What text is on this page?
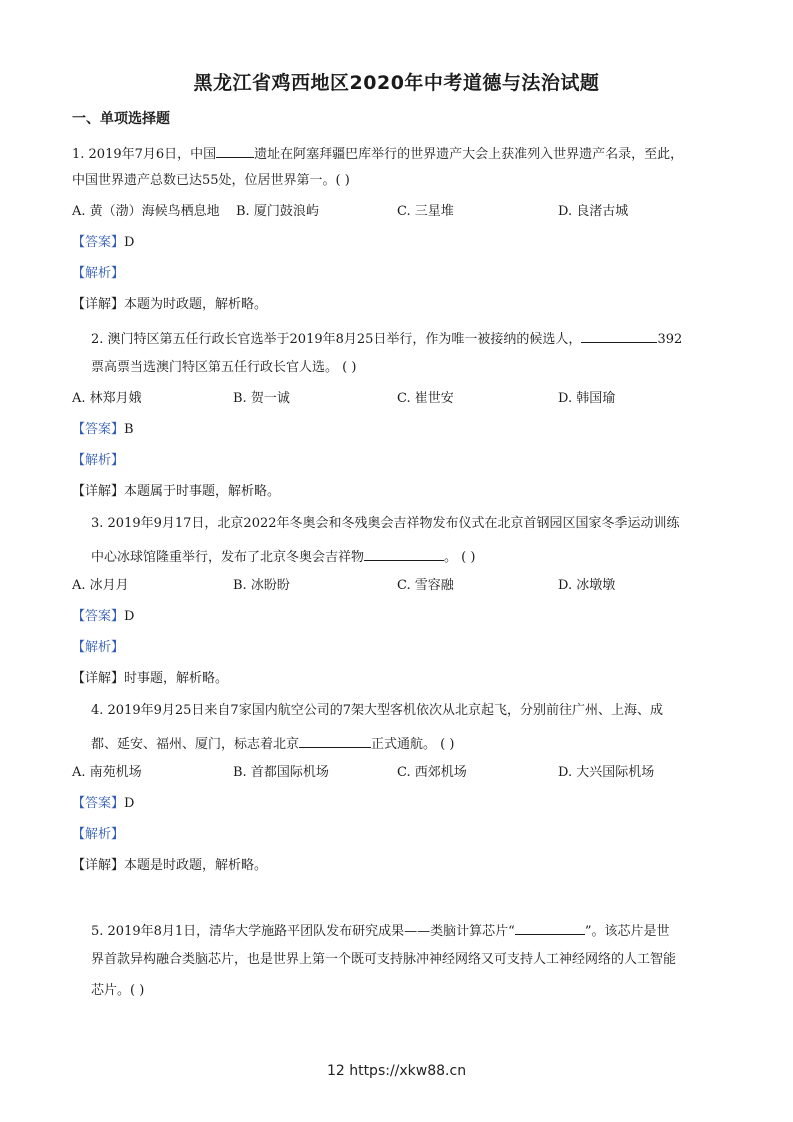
黑龙江省鸡西地区2020年中考道德与法治试题
一、单项选择题
1. 2019年7月6日，中国	遗址在阿塞拜疆巴库举行的世界遗产大会上获准列入世界遗产名录，至此，
中国世界遗产总数已达55处，位居世界第一。( )
A. 黄（渤）海候鸟栖息地 B. 厦门鼓浪屿	C. 三星堆	D. 良渚古城
【答案】D
【解析】
【详解】本题为时政题，解析略。
2. 澳门特区第五任行政长官选举于2019年8月25日举行，作为唯一被接纳的候选人，	392
票高票当选澳门特区第五任行政长官人选。 ( )
A. 林郑月娥	B. 贺一诚	C. 崔世安	D. 韩国瑜
【答案】B
【解析】
【详解】本题属于时事题，解析略。
3. 2019年9月17日，北京2022年冬奥会和冬残奥会吉祥物发布仪式在北京首钢园区国家冬季运动训练
中心冰球馆隆重举行，发布了北京冬奥会吉祥物	。 ( )
A. 冰月月	B. 冰盼盼	C. 雪容融	D. 冰墩墩
【答案】D
【解析】
【详解】时事题，解析略。
4. 2019年9月25日来自7家国内航空公司的7架大型客机依次从北京起飞，分别前往广州、上海、成
都、延安、福州、厦门，标志着北京	正式通航。 ( )
A. 南苑机场	B. 首都国际机场	C. 西郊机场	D. 大兴国际机场
【答案】D
【解析】
【详解】本题是时政题，解析略。
5. 2019年8月1日，清华大学施路平团队发布研究成果——类脑计算芯片“	”。该芯片是世
界首款异构融合类脑芯片，也是世界上第一个既可支持脉冲神经网络又可支持人工神经网络的人工智能
芯片。( )
12 https://xkw88.cn
